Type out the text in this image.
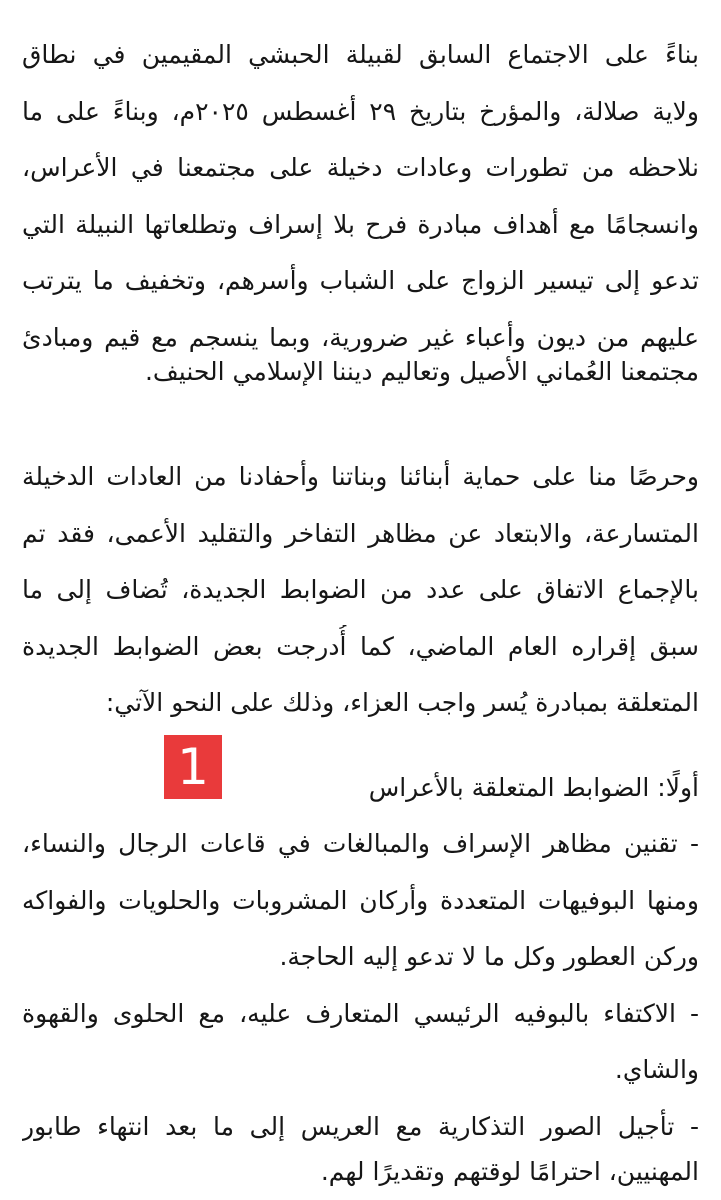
بناءً على الاجتماع السابق لقبيلة الحبشي المقيمين في نطاق
ولاية صلالة، والمؤرخ بتاريخ ٢٩ أغسطس ٢٠٢٥م، وبناءً على ما
نلاحظه من تطورات وعادات دخيلة على مجتمعنا في الأعراس،
وانسجامًا مع أهداف مبادرة فرح بلا إسراف وتطلعاتها النبيلة التي
تدعو إلى تيسير الزواج على الشباب وأسرهم، وتخفيف ما يترتب
عليهم من ديون وأعباء غير ضرورية، وبما ينسجم مع قيم ومبادئ
مجتمعنا العُماني الأصيل وتعاليم ديننا الإسلامي الحنيف.
وحرصًا منا على حماية أبنائنا وبناتنا وأحفادنا من العادات الدخيلة
المتسارعة، والابتعاد عن مظاهر التفاخر والتقليد الأعمى، فقد تم
بالإجماع الاتفاق على عدد من الضوابط الجديدة، تُضاف إلى ما
سبق إقراره العام الماضي، كما أُدرجت بعض الضوابط الجديدة
المتعلقة بمبادرة يُسر واجب العزاء، وذلك على النحو الآتي:
1	أولًا: الضوابط المتعلقة بالأعراس
- تقنين مظاهر الإسراف والمبالغات في قاعات الرجال والنساء،
ومنها البوفيهات المتعددة وأركان المشروبات والحلويات والفواكه
وركن العطور وكل ما لا تدعو إليه الحاجة.
- الاكتفاء بالبوفيه الرئيسي المتعارف عليه، مع الحلوى والقهوة
والشاي.
- تأجيل الصور التذكارية مع العريس إلى ما بعد انتهاء طابور
المهنيين، احترامًا لوقتهم وتقديرًا لهم.
